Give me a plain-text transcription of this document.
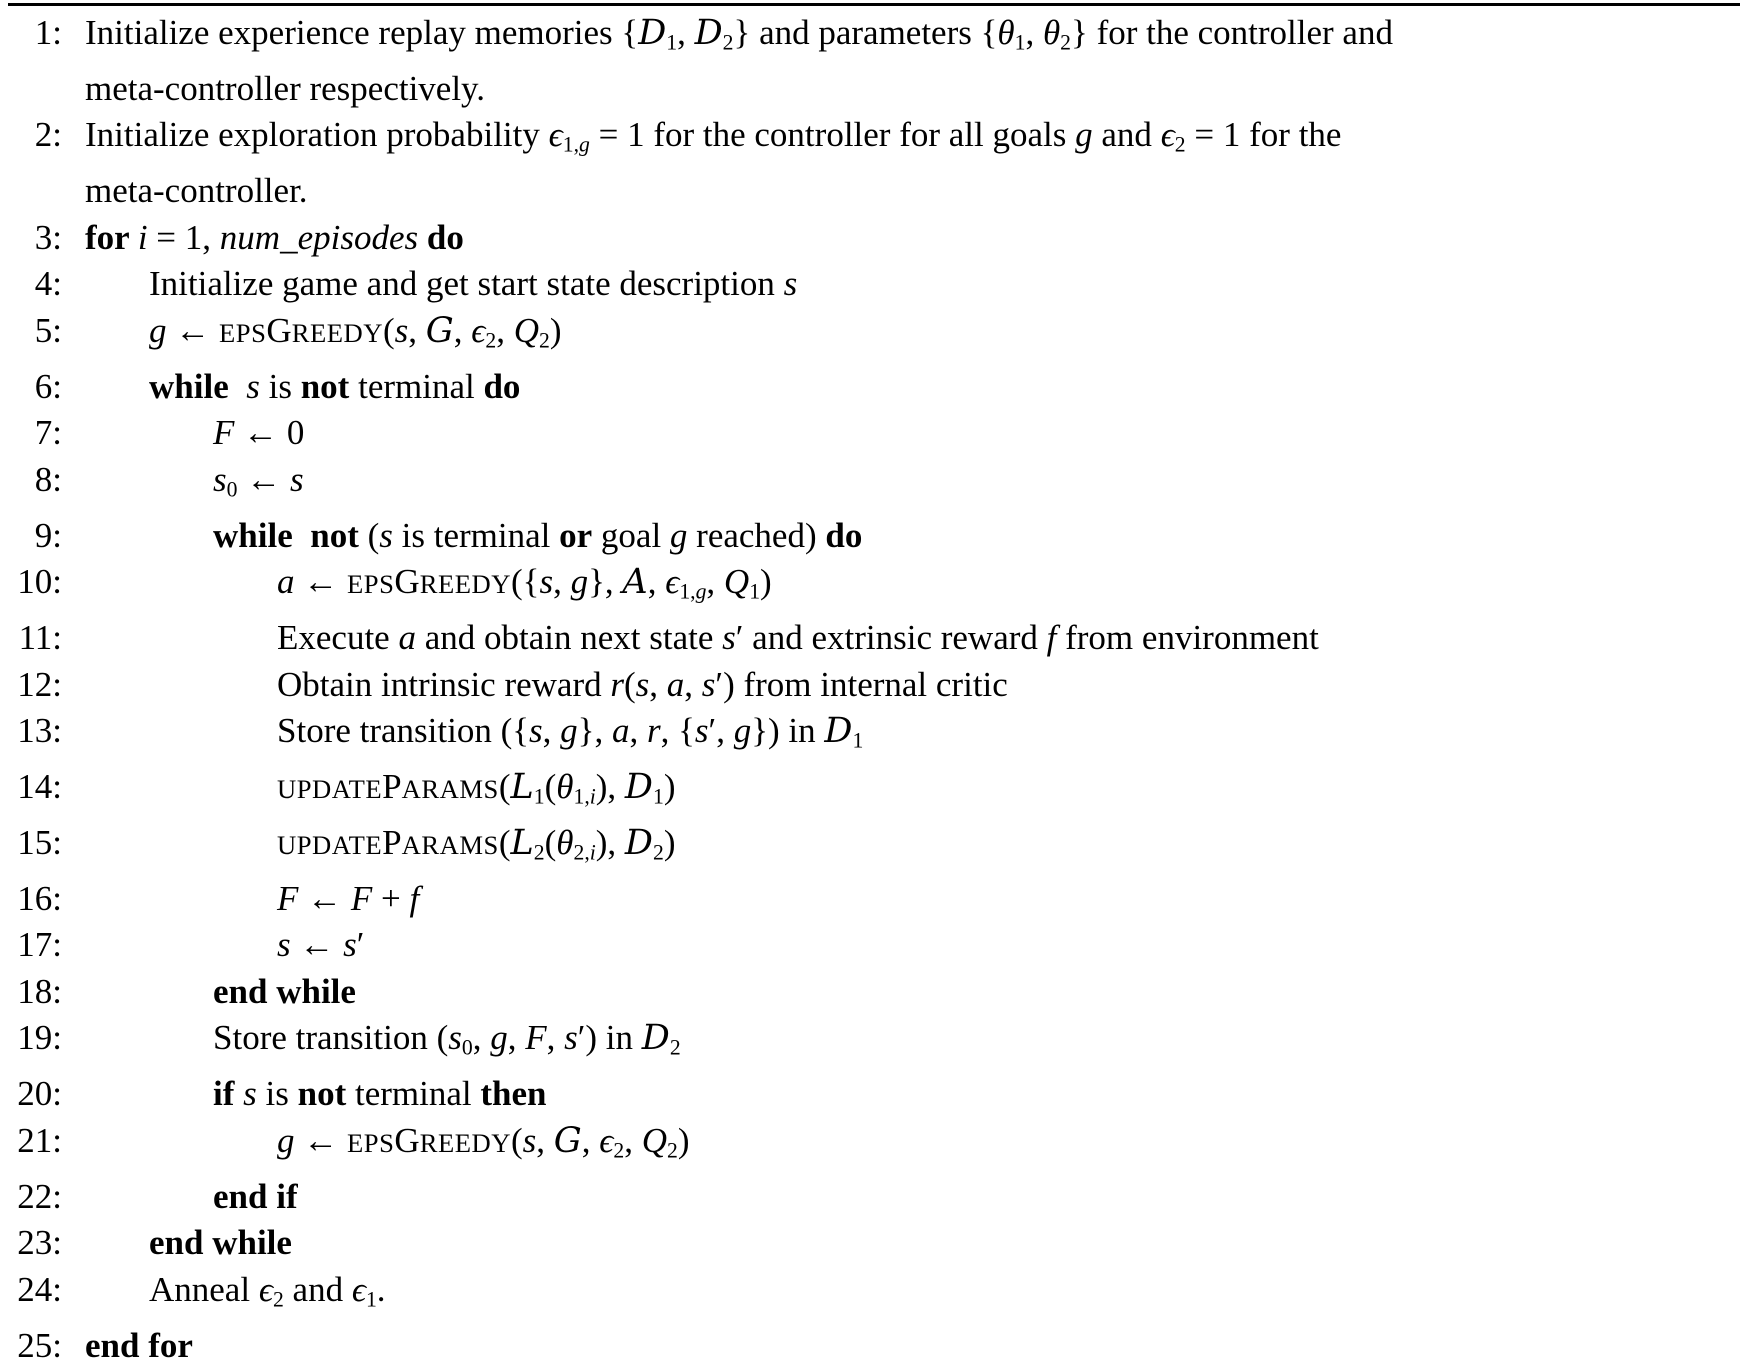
1: Initialize experience replay memories {D1, D2} and parameters {θ1, θ2} for the controller and
meta-controller respectively.
2: Initialize exploration probability ϵ1,g = 1 for the controller for all goals g and ϵ2 = 1 for the
meta-controller.
3: for i = 1, num_episodes do
4:	Initialize game and get start state description s
5:	g ← EPSGREEDY(s, G, ϵ2, Q2)
6:	while  s is not terminal do
7:	F ← 0
8:	s0 ← s
9:	while  not (s is terminal or goal g reached) do
10:	a ← EPSGREEDY({s, g}, A, ϵ1,g, Q1)
11:	Execute a and obtain next state s′ and extrinsic reward f from environment
12:	Obtain intrinsic reward r(s, a, s′) from internal critic
13:	Store transition ({s, g}, a, r, {s′, g}) in D1
14:	UPDATEPARAMS(L1(θ1,i), D1)
15:	UPDATEPARAMS(L2(θ2,i), D2)
16:	F ← F + f
17:	s ← s′
18:	end while
19:	Store transition (s0, g, F, s′) in D2
20:	if s is not terminal then
21:	g ← EPSGREEDY(s, G, ϵ2, Q2)
22:	end if
23:	end while
24:	Anneal ϵ2 and ϵ1.
25: end for
